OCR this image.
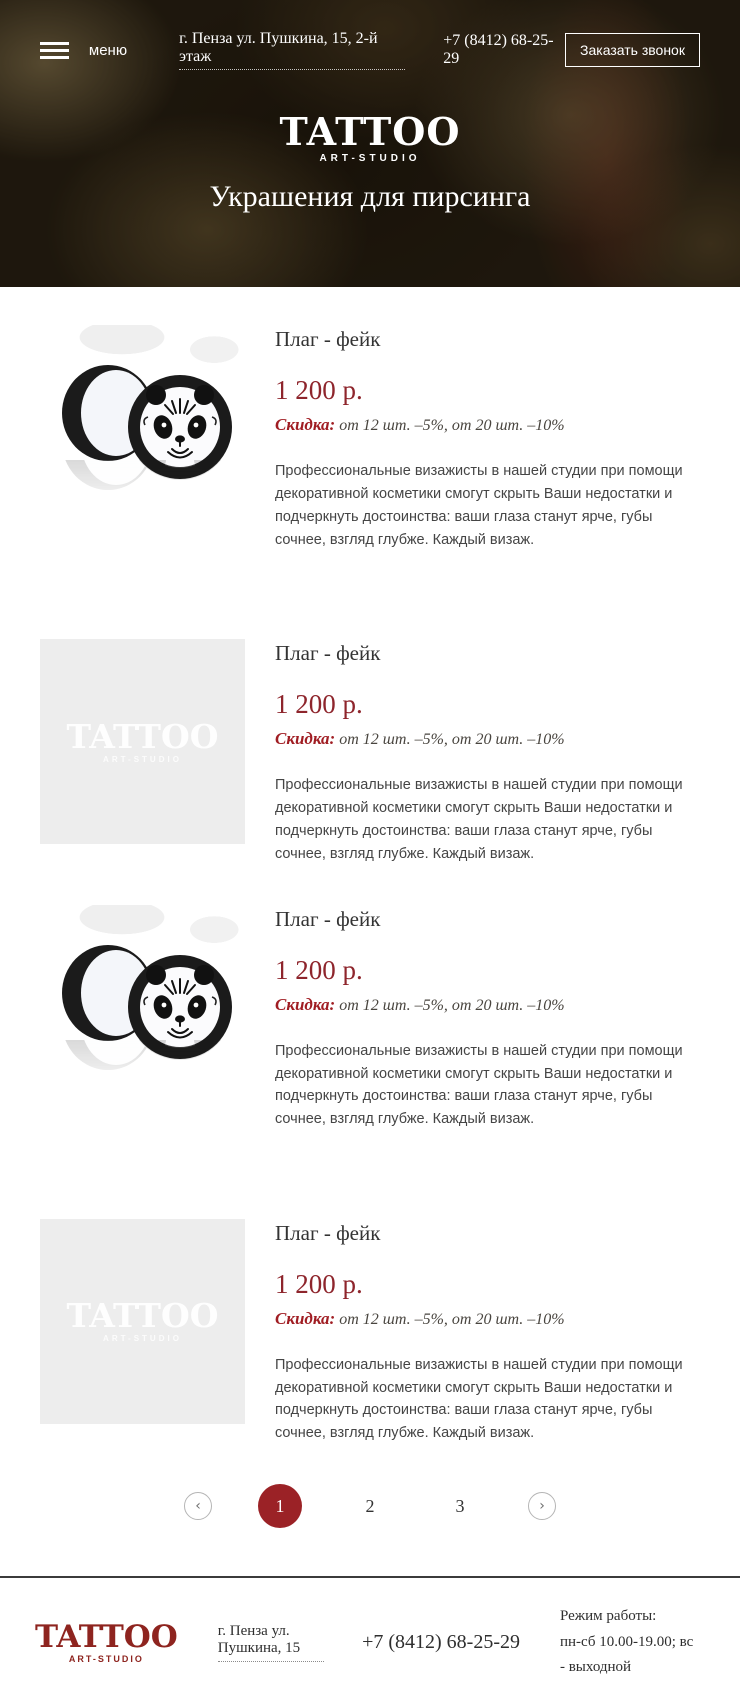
меню
г. Пенза ул. Пушкина, 15, 2-й этаж
+7 (8412) 68-25-29	Заказать звонок
TATTOO
ART-STUDIO
Украшения для пирсинга
Плаг - фейк
1 200 р.
Скидка: от 12 шт. –5%, от 20 шт. –10%

Профессиональные визажисты в нашей студии при помощи декоративной косметики смогут скрыть Ваши недостатки и подчеркнуть достоинства: ваши глаза станут ярче, губы сочнее, взгляд глубже. Каждый визаж.

TATTOO
ART-STUDIO
Плаг - фейк
1 200 р.
Скидка: от 12 шт. –5%, от 20 шт. –10%

Профессиональные визажисты в нашей студии при помощи декоративной косметики смогут скрыть Ваши недостатки и подчеркнуть достоинства: ваши глаза станут ярче, губы сочнее, взгляд глубже. Каждый визаж.

Плаг - фейк
1 200 р.
Скидка: от 12 шт. –5%, от 20 шт. –10%

Профессиональные визажисты в нашей студии при помощи декоративной косметики смогут скрыть Ваши недостатки и подчеркнуть достоинства: ваши глаза станут ярче, губы сочнее, взгляд глубже. Каждый визаж.

TATTOO
ART-STUDIO
Плаг - фейк
1 200 р.
Скидка: от 12 шт. –5%, от 20 шт. –10%

Профессиональные визажисты в нашей студии при помощи декоративной косметики смогут скрыть Ваши недостатки и подчеркнуть достоинства: ваши глаза станут ярче, губы сочнее, взгляд глубже. Каждый визаж.

‹	1	2	3	›
TATTOO
ART-STUDIO
г. Пенза ул. Пушкина, 15	+7 (8412) 68-25-29
Режим работы:
пн-сб 10.00-19.00; вс - выходной
